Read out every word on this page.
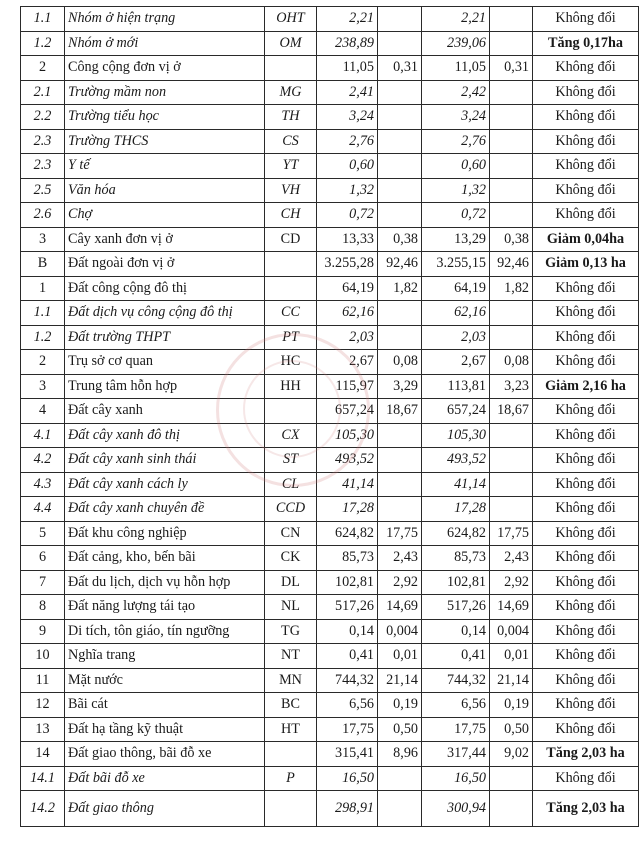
1.1	Nhóm ở hiện trạng	OHT	2,21		2,21		Không đổi
1.2	Nhóm ở mới	OM	238,89		239,06		Tăng 0,17ha
2	Công cộng đơn vị ở		11,05	0,31	11,05	0,31	Không đổi
2.1	Trường mầm non	MG	2,41		2,42		Không đổi
2.2	Trường tiểu học	TH	3,24		3,24		Không đổi
2.3	Trường THCS	CS	2,76		2,76		Không đổi
2.3	Y tế	YT	0,60		0,60		Không đổi
2.5	Văn hóa	VH	1,32		1,32		Không đổi
2.6	Chợ	CH	0,72		0,72		Không đổi
3	Cây xanh đơn vị ở	CD	13,33	0,38	13,29	0,38	Giảm 0,04ha
B	Đất ngoài đơn vị ở		3.255,28	92,46	3.255,15	92,46	Giảm 0,13 ha
1	Đất công cộng đô thị		64,19	1,82	64,19	1,82	Không đổi
1.1	Đất dịch vụ công cộng đô thị	CC	62,16		62,16		Không đổi
1.2	Đất trường THPT	PT	2,03		2,03		Không đổi
2	Trụ sở cơ quan	HC	2,67	0,08	2,67	0,08	Không đổi
3	Trung tâm hỗn hợp	HH	115,97	3,29	113,81	3,23	Giảm 2,16 ha
4	Đất cây xanh		657,24	18,67	657,24	18,67	Không đổi
4.1	Đất cây xanh đô thị	CX	105,30		105,30		Không đổi
4.2	Đất cây xanh sinh thái	ST	493,52		493,52		Không đổi
4.3	Đất cây xanh cách ly	CL	41,14		41,14		Không đổi
4.4	Đất cây xanh chuyên đề	CCD	17,28		17,28		Không đổi
5	Đất khu công nghiệp	CN	624,82	17,75	624,82	17,75	Không đổi
6	Đất cảng, kho, bến bãi	CK	85,73	2,43	85,73	2,43	Không đổi
7	Đất du lịch, dịch vụ hỗn hợp	DL	102,81	2,92	102,81	2,92	Không đổi
8	Đất năng lượng tái tạo	NL	517,26	14,69	517,26	14,69	Không đổi
9	Di tích, tôn giáo, tín ngưỡng	TG	0,14	0,004	0,14	0,004	Không đổi
10	Nghĩa trang	NT	0,41	0,01	0,41	0,01	Không đổi
11	Mặt nước	MN	744,32	21,14	744,32	21,14	Không đổi
12	Bãi cát	BC	6,56	0,19	6,56	0,19	Không đổi
13	Đất hạ tầng kỹ thuật	HT	17,75	0,50	17,75	0,50	Không đổi
14	Đất giao thông, bãi đỗ xe		315,41	8,96	317,44	9,02	Tăng 2,03 ha
14.1	Đất bãi đỗ xe	P	16,50		16,50		Không đổi
14.2	Đất giao thông		298,91		300,94		Tăng 2,03 ha
